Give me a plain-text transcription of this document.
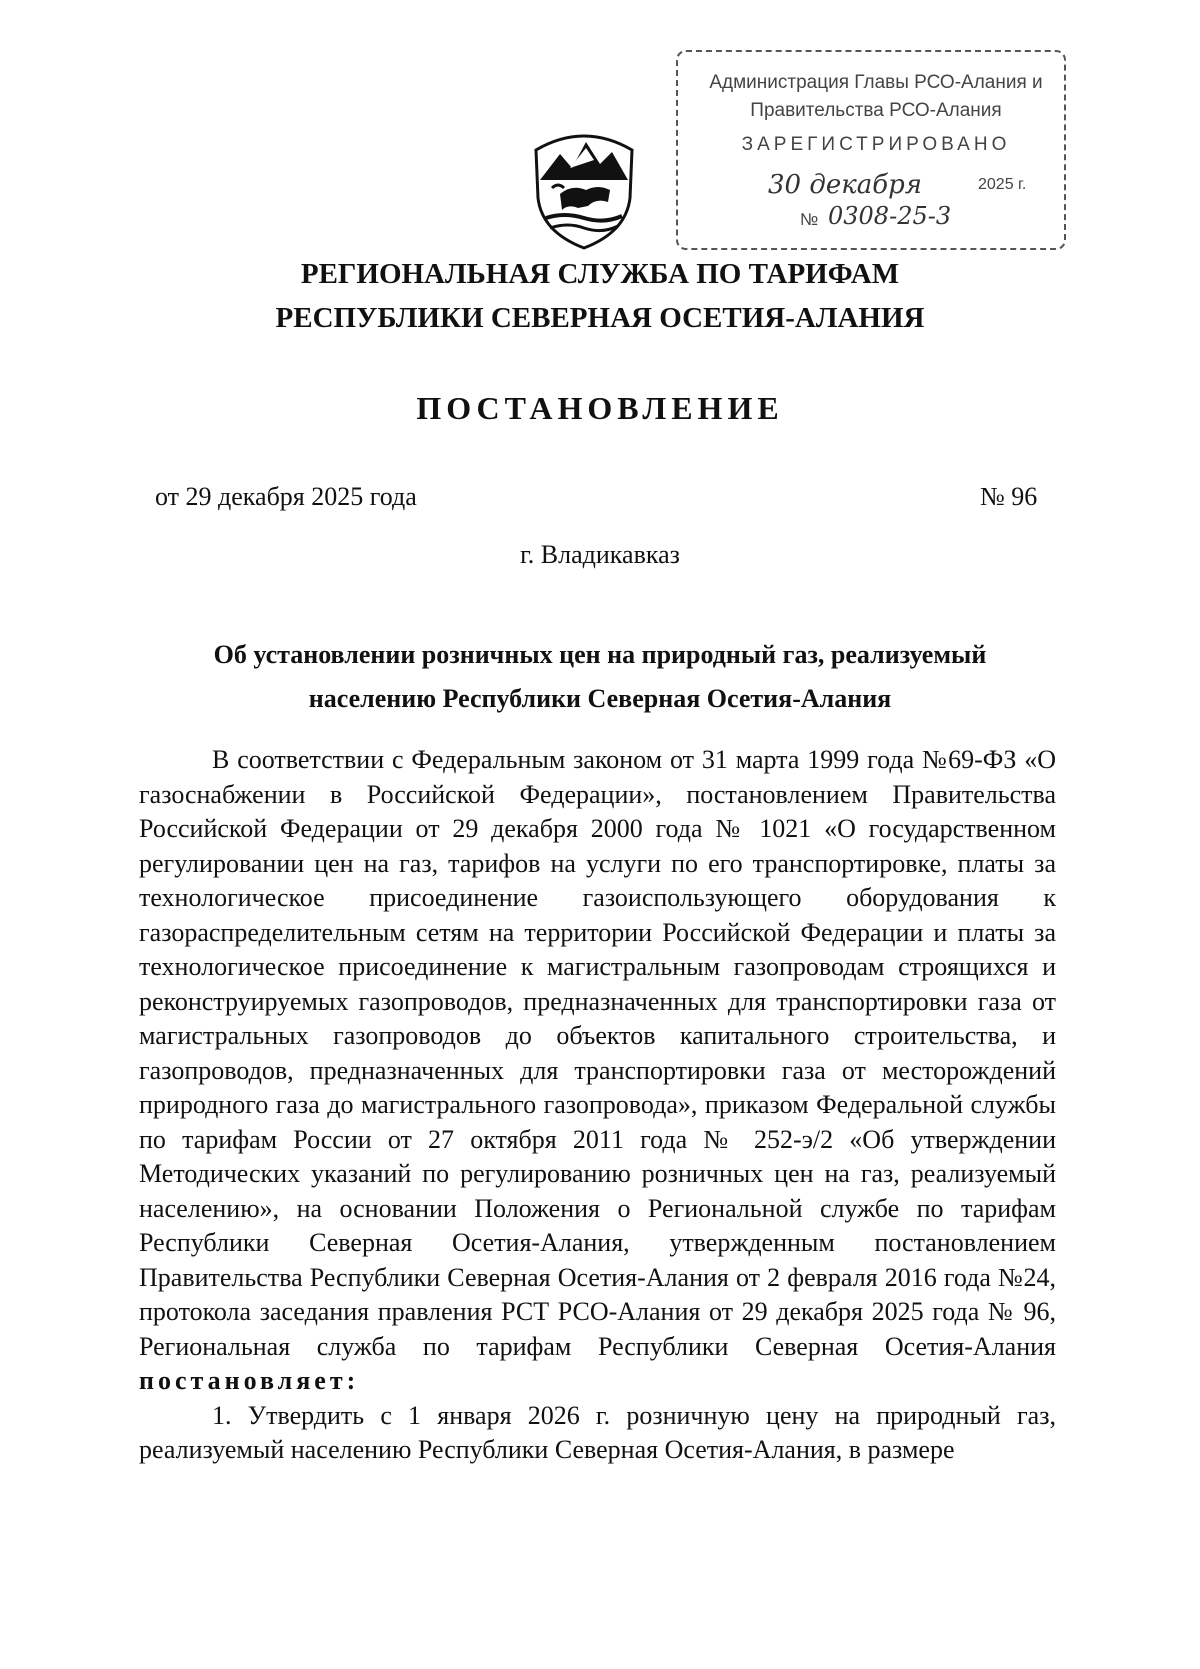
Администрация Главы РСО-Алания и
Правительства РСО-Алания
ЗАРЕГИСТРИРОВАНО
30 декабря	2025 г.
№ 0308-25-3
РЕГИОНАЛЬНАЯ СЛУЖБА ПО ТАРИФАМ
РЕСПУБЛИКИ СЕВЕРНАЯ ОСЕТИЯ-АЛАНИЯ
ПОСТАНОВЛЕНИЕ
от 29 декабря 2025 года	№ 96
г. Владикавказ
Об установлении розничных цен на природный газ, реализуемый
населению Республики Северная Осетия-Алания

В соответствии с Федеральным законом от 31 марта 1999 года №69-ФЗ «О газоснабжении в Российской Федерации», постановлением Правительства Российской Федерации от 29 декабря 2000 года № 1021 «О государственном регулировании цен на газ, тарифов на услуги по его транспортировке, платы за технологическое присоединение газоиспользующего оборудования к газораспределительным сетям на территории Российской Федерации и платы за технологическое присоединение к магистральным газопроводам строящихся и реконструируемых газопроводов, предназначенных для транспортировки газа от магистральных газопроводов до объектов капитального строительства, и газопроводов, предназначенных для транспортировки газа от месторождений природного газа до магистрального газопровода», приказом Федеральной службы по тарифам России от 27 октября 2011 года № 252-э/2 «Об утверждении Методических указаний по регулированию розничных цен на газ, реализуемый населению», на основании Положения о Региональной службе по тарифам Республики Северная Осетия-Алания, утвержденным постановлением Правительства Республики Северная Осетия-Алания от 2 февраля 2016 года №24, протокола заседания правления РСТ РСО-Алания от 29 декабря 2025 года № 96, Региональная служба по тарифам Республики Северная Осетия-Алания постановляет:

1. Утвердить с 1 января 2026 г. розничную цену на природный газ, реализуемый населению Республики Северная Осетия-Алания, в размере
